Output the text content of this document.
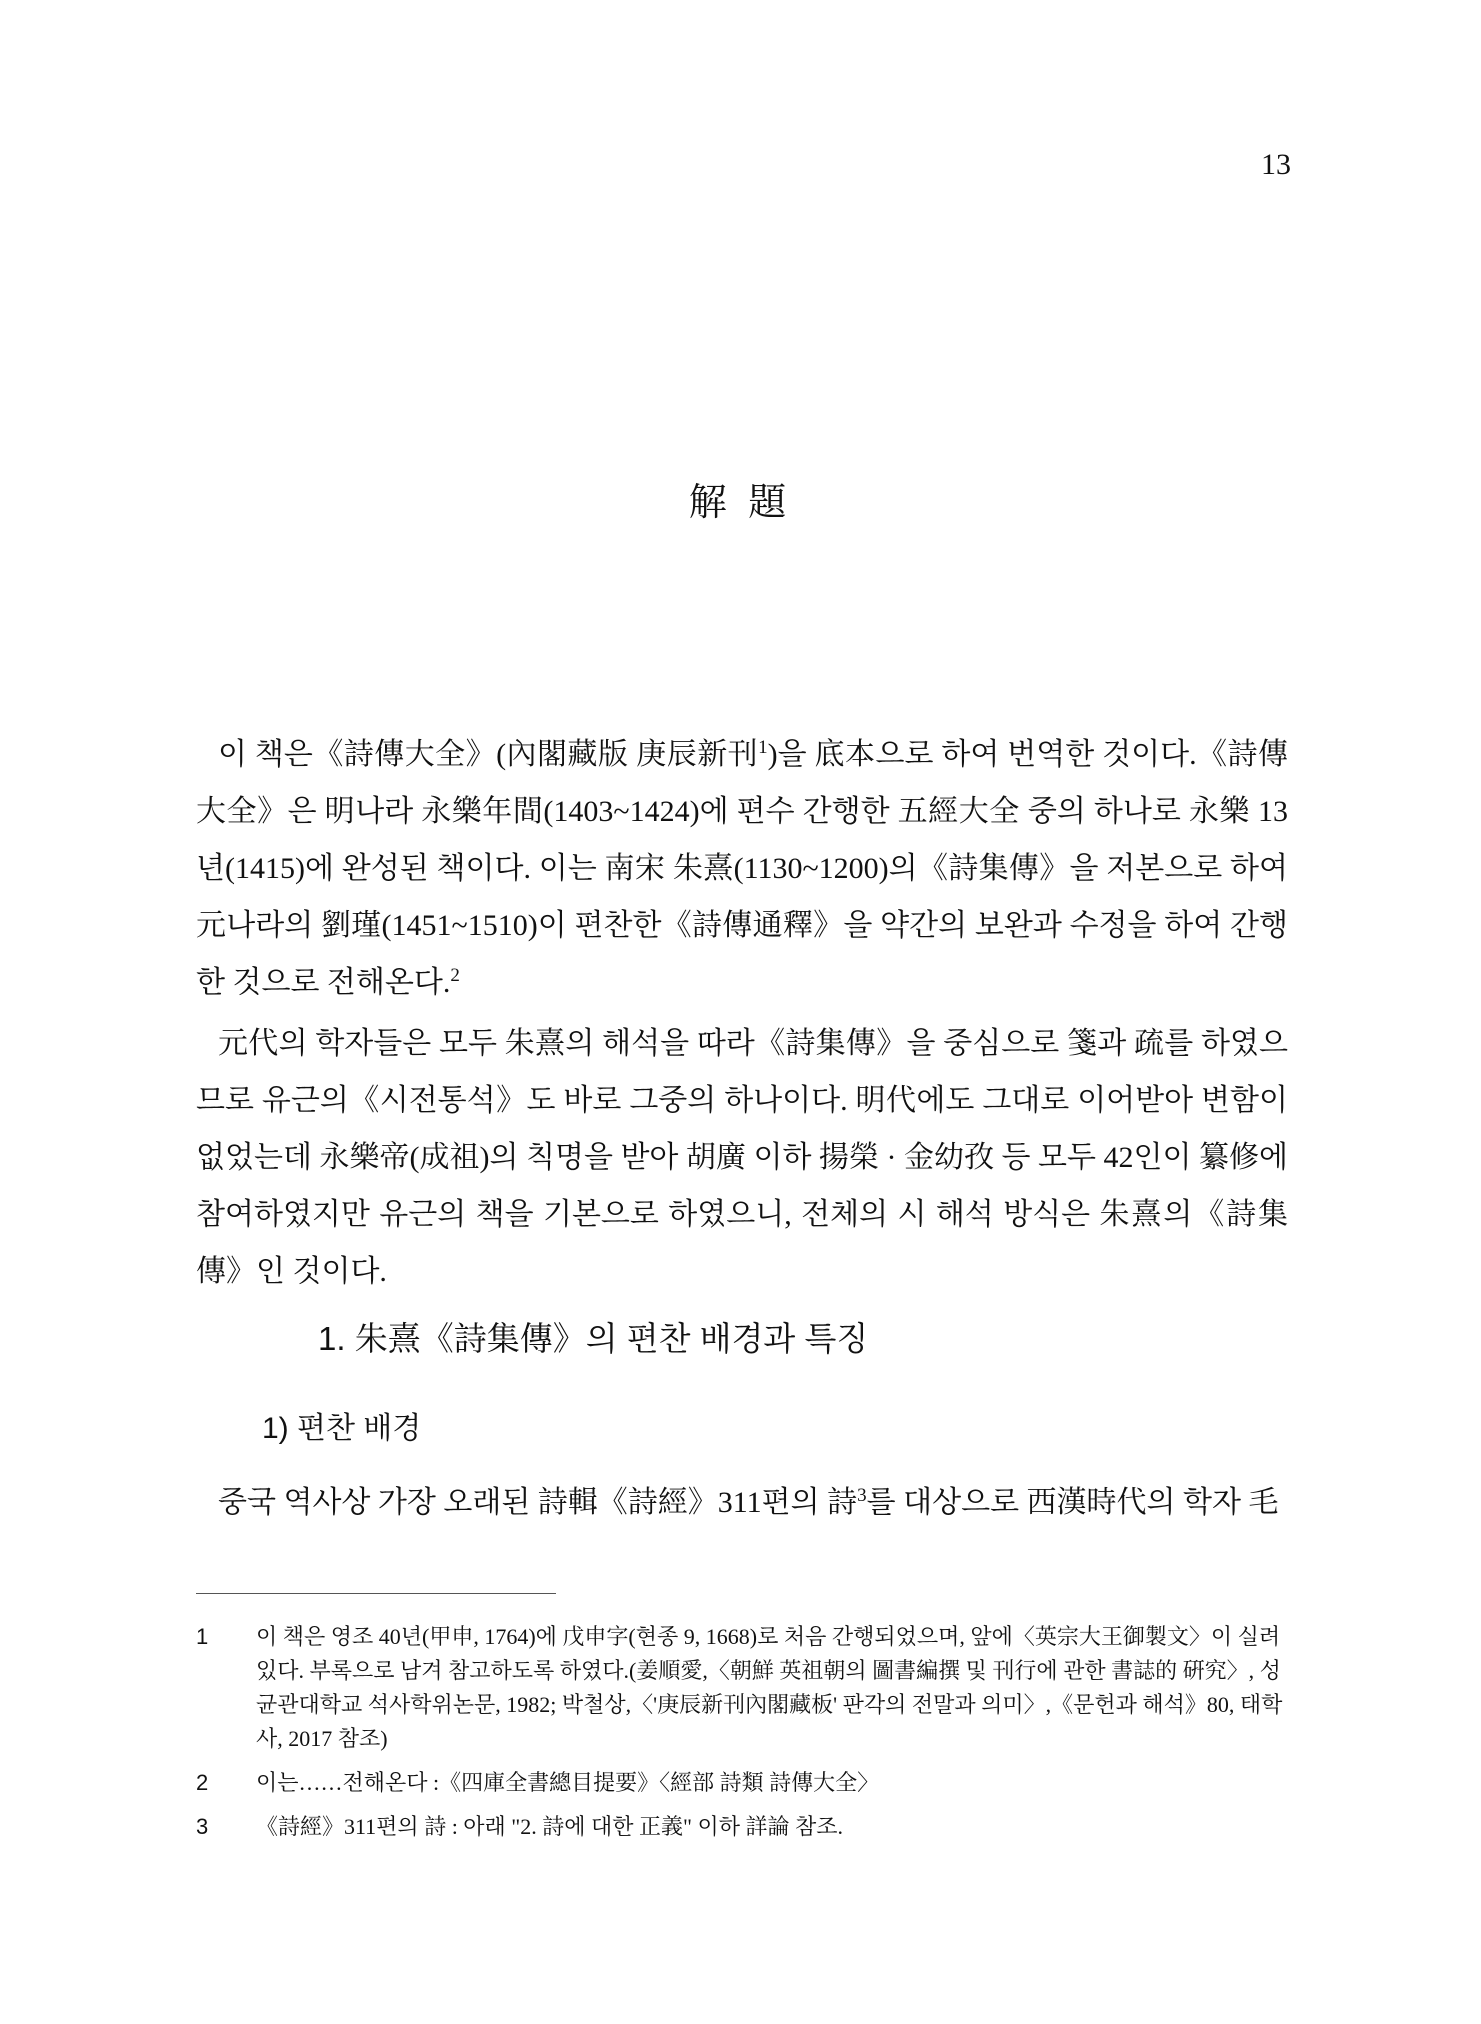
13
解 題

이 책은《詩傳大全》(內閣藏版 庚辰新刊$^1$)을 底本으로 하여 번역한 것이다.《詩傳大全》은 明나라 永樂年間(1403~1424)에 편수 간행한 五經大全 중의 하나로 永樂 13년(1415)에 완성된 책이다. 이는 南宋 朱熹(1130~1200)의《詩集傳》을 저본으로 하여 元나라의 劉瑾(1451~1510)이 편찬한《詩傳通釋》을 약간의 보완과 수정을 하여 간행한 것으로 전해온다.$^2$

元代의 학자들은 모두 朱熹의 해석을 따라《詩集傳》을 중심으로 箋과 疏를 하였으므로 유근의《시전통석》도 바로 그중의 하나이다. 明代에도 그대로 이어받아 변함이 없었는데 永樂帝(成祖)의 칙명을 받아 胡廣 이하 揚榮 · 金幼孜 등 모두 42인이 纂修에 참여하였지만 유근의 책을 기본으로 하였으니, 전체의 시 해석 방식은 朱熹의《詩集傳》인 것이다.

1. 朱熹《詩集傳》의 편찬 배경과 특징
1) 편찬 배경

중국 역사상 가장 오래된 詩輯《詩經》311편의 詩$^3$를 대상으로 西漢時代의 학자 毛

1	이 책은 영조 40년(甲申, 1764)에 戊申字(현종 9, 1668)로 처음 간행되었으며, 앞에〈英宗大王御製文〉이 실려 있다. 부록으로 남겨 참고하도록 하였다.(姜順愛,〈朝鮮 英祖朝의 圖書編撰 및 刊行에 관한 書誌的 硏究〉, 성균관대학교 석사학위논문, 1982; 박철상,〈'庚辰新刊內閣藏板' 판각의 전말과 의미〉,《문헌과 해석》80, 태학사, 2017 참조)
2	이는……전해온다 :《四庫全書總目提要》〈經部 詩類 詩傳大全〉
3	《詩經》311편의 詩 : 아래 "2. 詩에 대한 正義" 이하 詳論 참조.
